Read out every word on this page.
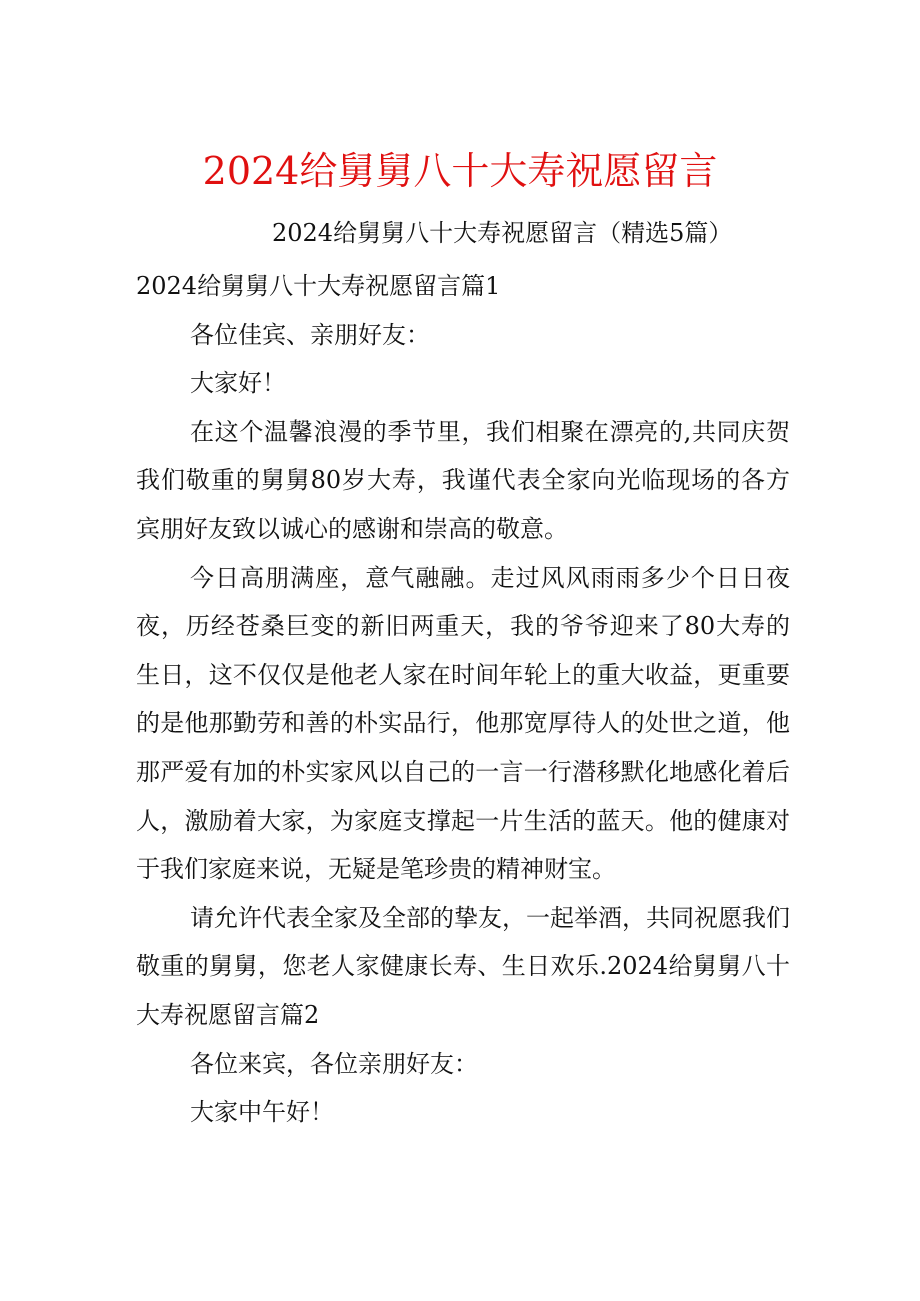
2024给舅舅八十大寿祝愿留言
2024给舅舅八十大寿祝愿留言（精选5篇）

2024给舅舅八十大寿祝愿留言篇1

各位佳宾、亲朋好友：

大家好！

在这个温馨浪漫的季节里，我们相聚在漂亮的,共同庆贺我们敬重的舅舅80岁大寿，我谨代表全家向光临现场的各方宾朋好友致以诚心的感谢和崇高的敬意。

今日高朋满座，意气融融。走过风风雨雨多少个日日夜夜，历经苍桑巨变的新旧两重天，我的爷爷迎来了80大寿的生日，这不仅仅是他老人家在时间年轮上的重大收益，更重要的是他那勤劳和善的朴实品行，他那宽厚待人的处世之道，他那严爱有加的朴实家风以自己的一言一行潜移默化地感化着后人，激励着大家，为家庭支撑起一片生活的蓝天。他的健康对于我们家庭来说，无疑是笔珍贵的精神财宝。

请允许代表全家及全部的挚友，一起举酒，共同祝愿我们敬重的舅舅，您老人家健康长寿、生日欢乐.2024给舅舅八十大寿祝愿留言篇2

各位来宾，各位亲朋好友：

大家中午好！
